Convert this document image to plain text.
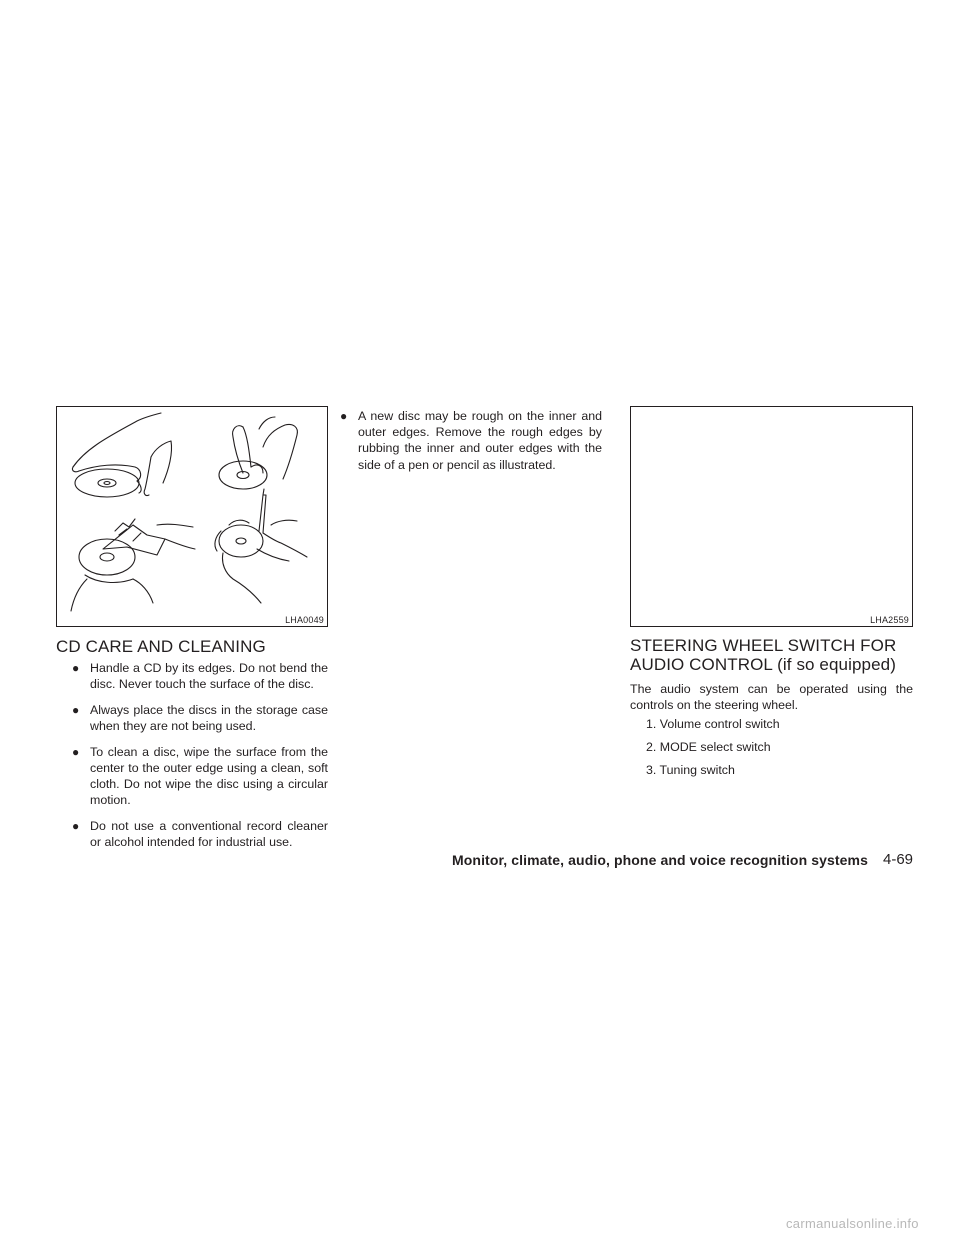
LHA0049
CD CARE AND CLEANING
● Handle a CD by its edges. Do not bend the disc. Never touch the surface of the disc.
● Always place the discs in the storage case when they are not being used.
● To clean a disc, wipe the surface from the center to the outer edge using a clean, soft cloth. Do not wipe the disc using a circular motion.
● Do not use a conventional record cleaner or alcohol intended for industrial use.
● A new disc may be rough on the inner and outer edges. Remove the rough edges by rubbing the inner and outer edges with the side of a pen or pencil as illustrated.
LHA2559
STEERING WHEEL SWITCH FOR
AUDIO CONTROL (if so equipped)

The audio system can be operated using the controls on the steering wheel.

1. Volume control switch
2. MODE select switch
3. Tuning switch
Monitor, climate, audio, phone and voice recognition systems 4-69
carmanualsonline.info
